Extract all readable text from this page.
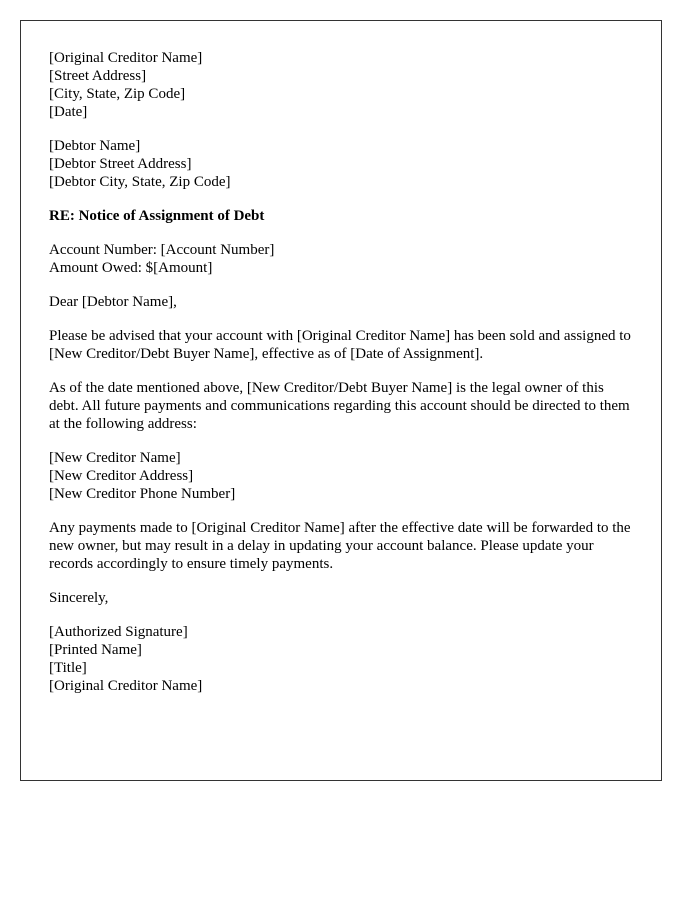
[Original Creditor Name]
[Street Address]
[City, State, Zip Code]
[Date]

[Debtor Name]
[Debtor Street Address]
[Debtor City, State, Zip Code]

RE: Notice of Assignment of Debt

Account Number: [Account Number]
Amount Owed: $[Amount]

Dear [Debtor Name],

Please be advised that your account with [Original Creditor Name] has been sold and assigned to [New Creditor/Debt Buyer Name], effective as of [Date of Assignment].

As of the date mentioned above, [New Creditor/Debt Buyer Name] is the legal owner of this debt. All future payments and communications regarding this account should be directed to them at the following address:

[New Creditor Name]
[New Creditor Address]
[New Creditor Phone Number]

Any payments made to [Original Creditor Name] after the effective date will be forwarded to the new owner, but may result in a delay in updating your account balance. Please update your records accordingly to ensure timely payments.

Sincerely,

[Authorized Signature]
[Printed Name]
[Title]
[Original Creditor Name]
